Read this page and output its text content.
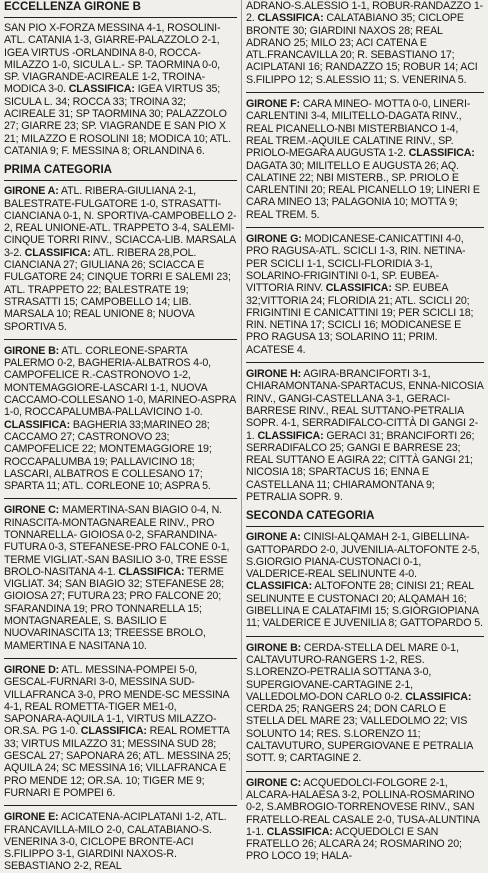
ECCELLENZA GIRONE B

SAN PIO X-FORZA MESSINA 4-1, ROSOLINI-ATL. CATANIA 1-3, GIARRE-PALAZZOLO 2-1, IGEA VIRTUS -ORLANDINA 8-0, ROCCA-MILAZZO 1-0, SICULA L.- SP. TAORMINA 0-0, SP. VIAGRANDE-ACIREALE 1-2, TROINA-MODICA 3-0. CLASSIFICA: IGEA VIRTUS 35; SICULA L. 34; ROCCA 33; TROINA 32; ACIREALE 31; SP TAORMINA 30; PALAZZOLO 27; GIARRE 23; SP. VIAGRANDE E SAN PIO X 21; MILAZZO E ROSOLINI 18; MODICA 10; ATL. CATANIA 9; F. MESSINA 8; ORLANDINA 6.

PRIMA CATEGORIA

GIRONE A: ATL. RIBERA-GIULIANA 2-1, BALESTRATE-FULGATORE 1-0, STRASATTI- CIANCIANA 0-1, N. SPORTIVA-CAMPOBELLO 2-2, REAL UNIONE-ATL. TRAPPETO 3-4, SALEMI-CINQUE TORRI RINV., SCIACCA-LIB. MARSALA 3-2. CLASSIFICA: ATL. RIBERA 28,POL. CIANCIANA 27; GIULIANA 26; SCIACCA E FULGATORE 24; CINQUE TORRI E SALEMI 23; ATL. TRAPPETO 22; BALESTRATE 19; STRASATTI 15; CAMPOBELLO 14; LIB. MARSALA 10; REAL UNIONE 8; NUOVA SPORTIVA 5.

GIRONE B: ATL. CORLEONE-SPARTA PALERMO 0-2, BAGHERIA-ALBATROS 4-0, CAMPOFELICE R.-CASTRONOVO 1-2, MONTEMAGGIORE-LASCARI 1-1, NUOVA CACCAMO-COLLESANO 1-0, MARINEO-ASPRA 1-0, ROCCAPALUMBA-PALLAVICINO 1-0. CLASSIFICA: BAGHERIA 33;MARINEO 28; CACCAMO 27; CASTRONOVO 23; CAMPOFELICE 22; MONTEMAGGIORE 19; ROCCAPALUMBA 19; PALLAVICINO 18; LASCARI, ALBATROS E COLLESANO 17; SPARTA 11; ATL. CORLEONE 10; ASPRA 5.

GIRONE C: MAMERTINA-SAN BIAGIO 0-4, N. RINASCITA-MONTAGNAREALE RINV., PRO TONNARELLA- GIOIOSA 0-2, SFARANDINA-FUTURA 0-3, STEFANESE-PRO FALCONE 0-1, TERME VIGLIAT.-SAN BASILIO 3-0, TRE ESSE BROLO-NASITANA 4-1. CLASSIFICA: TERME VIGLIAT. 34; SAN BIAGIO 32; STEFANESE 28; GIOIOSA 27; FUTURA 23; PRO FALCONE 20; SFARANDINA 19; PRO TONNARELLA 15; MONTAGNAREALE, S. BASILIO E NUOVARINASCITA 13; TREESSE BROLO, MAMERTINA E NASITANA 10.

GIRONE D: ATL. MESSINA-POMPEI 5-0, GESCAL-FURNARI 3-0, MESSINA SUD-VILLAFRANCA 3-0, PRO MENDE-SC MESSINA 4-1, REAL ROMETTA-TIGER ME1-0, SAPONARA-AQUILA 1-1, VIRTUS MILAZZO-OR.SA. PG 1-0. CLASSIFICA: REAL ROMETTA 33; VIRTUS MILAZZO 31; MESSINA SUD 28; GESCAL 27; SAPONARA 26; ATL. MESSINA 25; AQUILA 24; SC MESSINA 16; VILLAFRANCA E PRO MENDE 12; OR.SA. 10; TIGER ME 9; FURNARI E POMPEI 6.

GIRONE E: ACICATENA-ACIPLATANI 1-2, ATL. FRANCAVILLA-MILO 2-0, CALATABIANO-S. VENERINA 3-0, CICLOPE BRONTE-ACI S.FILIPPO 3-1, GIARDINI NAXOS-R. SEBASTIANO 2-2, REAL

ADRANO-S.ALESSIO 1-1, ROBUR-RANDAZZO 1-2. CLASSIFICA: CALATABIANO 35; CICLOPE BRONTE 30; GIARDINI NAXOS 28; REAL ADRANO 25; MILO 23; ACI CATENA E ATL.FRANCAVILLA 20; R. SEBASTIANO 17; ACIPLATANI 16; RANDAZZO 15; ROBUR 14; ACI S.FILIPPO 12; S.ALESSIO 11; S. VENERINA 5.

GIRONE F: CARA MINEO- MOTTA 0-0, LINERI-CARLENTINI 3-4, MILITELLO-DAGATA RINV., REAL PICANELLO-NBI MISTERBIANCO 1-4, REAL TREM.-AQUILE CALATINE RINV., SP. PRIOLO-MEGARA AUGUSTA 1-2. CLASSIFICA: DAGATA 30; MILITELLO E AUGUSTA 26; AQ. CALATINE 22; NBI MISTERB., SP. PRIOLO E CARLENTINI 20; REAL PICANELLO 19; LINERI E CARA MINEO 13; PALAGONIA 10; MOTTA 9; REAL TREM. 5.

GIRONE G: MODICANESE-CANICATTINI 4-0, PRO RAGUSA-ATL. SCICLI 1-3, RIN. NETINA-PER SCICLI 1-1, SCICLI-FLORIDIA 3-1, SOLARINO-FRIGINTINI 0-1, SP. EUBEA- VITTORIA RINV. CLASSIFICA: SP. EUBEA 32;VITTORIA 24; FLORIDIA 21; ATL. SCICLI 20; FRIGINTINI E CANICATTINI 19; PER SCICLI 18; RIN. NETINA 17; SCICLI 16; MODICANESE E PRO RAGUSA 13; SOLARINO 11; PRIM. ACATESE 4.

GIRONE H: AGIRA-BRANCIFORTI 3-1, CHIARAMONTANA-SPARTACUS, ENNA-NICOSIA RINV., GANGI-CASTELLANA 3-1, GERACI-BARRESE RINV., REAL SUTTANO-PETRALIA SOPR. 4-1, SERRADIFALCO-CITTÀ DI GANGI 2-1. CLASSIFICA: GERACI 31; BRANCIFORTI 26; SERRADIFALCO 25; GANGI E BARRESE 23; REAL SUTTANO E AGIRA 22; CITTÀ GANGI 21; NICOSIA 18; SPARTACUS 16; ENNA E CASTELLANA 11; CHIARAMONTANA 9; PETRALIA SOPR. 9.

SECONDA CATEGORIA

GIRONE A: CINISI-ALQAMAH 2-1, GIBELLINA-GATTOPARDO 2-0, JUVENILIA-ALTOFONTE 2-5, S.GIORGIO PIANA-CUSTONACI 0-1, VALDERICE-REAL SELINUNTE 4-0. CLASSIFICA: ALTOFONTE 28; CINISI 21; REAL SELINUNTE E CUSTONACI 20; ALQAMAH 16; GIBELLINA E CALATAFIMI 15; S.GIORGIOPIANA 11; VALDERICE E JUVENILIA 8; GATTOPARDO 5.

GIRONE B: CERDA-STELLA DEL MARE 0-1, CALTAVUTURO-RANGERS 1-2, RES. S.LORENZO-PETRALIA SOTTANA 3-0, SUPERGIOVANE-CARTAGINE 2-1, VALLEDOLMO-DON CARLO 0-2. CLASSIFICA: CERDA 25; RANGERS 24; DON CARLO E STELLA DEL MARE 23; VALLEDOLMO 22; VIS SOLUNTO 14; RES. S.LORENZO 11; CALTAVUTURO, SUPERGIOVANE E PETRALIA SOTT. 9; CARTAGINE 2.

GIRONE C: ACQUEDOLCI-FOLGORE 2-1, ALCARA-HALAESA 3-2, POLLINA-ROSMARINO 0-2, S.AMBROGIO-TORRENOVESE RINV., SAN FRATELLO-REAL CASALE 2-0, TUSA-ALUNTINA 1-1. CLASSIFICA: ACQUEDOLCI E SAN FRATELLO 26; ALCARA 24; ROSMARINO 20; PRO LOCO 19; HALA-
